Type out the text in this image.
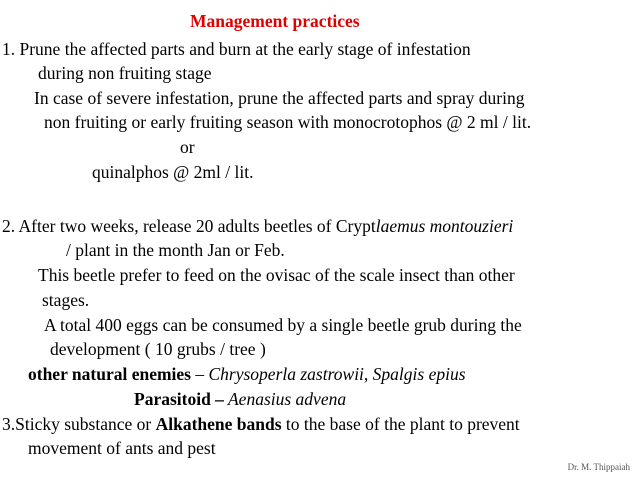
Management practices
1. Prune the affected parts and burn at the early stage of infestation
during non fruiting stage
In case of severe infestation, prune the affected parts and spray during
non fruiting or early fruiting season with monocrotophos @ 2 ml / lit.
or
quinalphos @ 2ml / lit.
2. After two weeks, release 20 adults beetles of Cryptlaemus montouzieri
/ plant in the month Jan or Feb.
This beetle prefer to feed on the ovisac of the scale insect than other
stages.
A total 400 eggs can be consumed by a single beetle grub during the
development ( 10 grubs / tree )
other natural enemies – Chrysoperla zastrowii, Spalgis epius
Parasitoid – Aenasius advena
3.Sticky substance or Alkathene bands to the base of the plant to prevent
movement of ants and pest
Dr. M. Thippaiah
